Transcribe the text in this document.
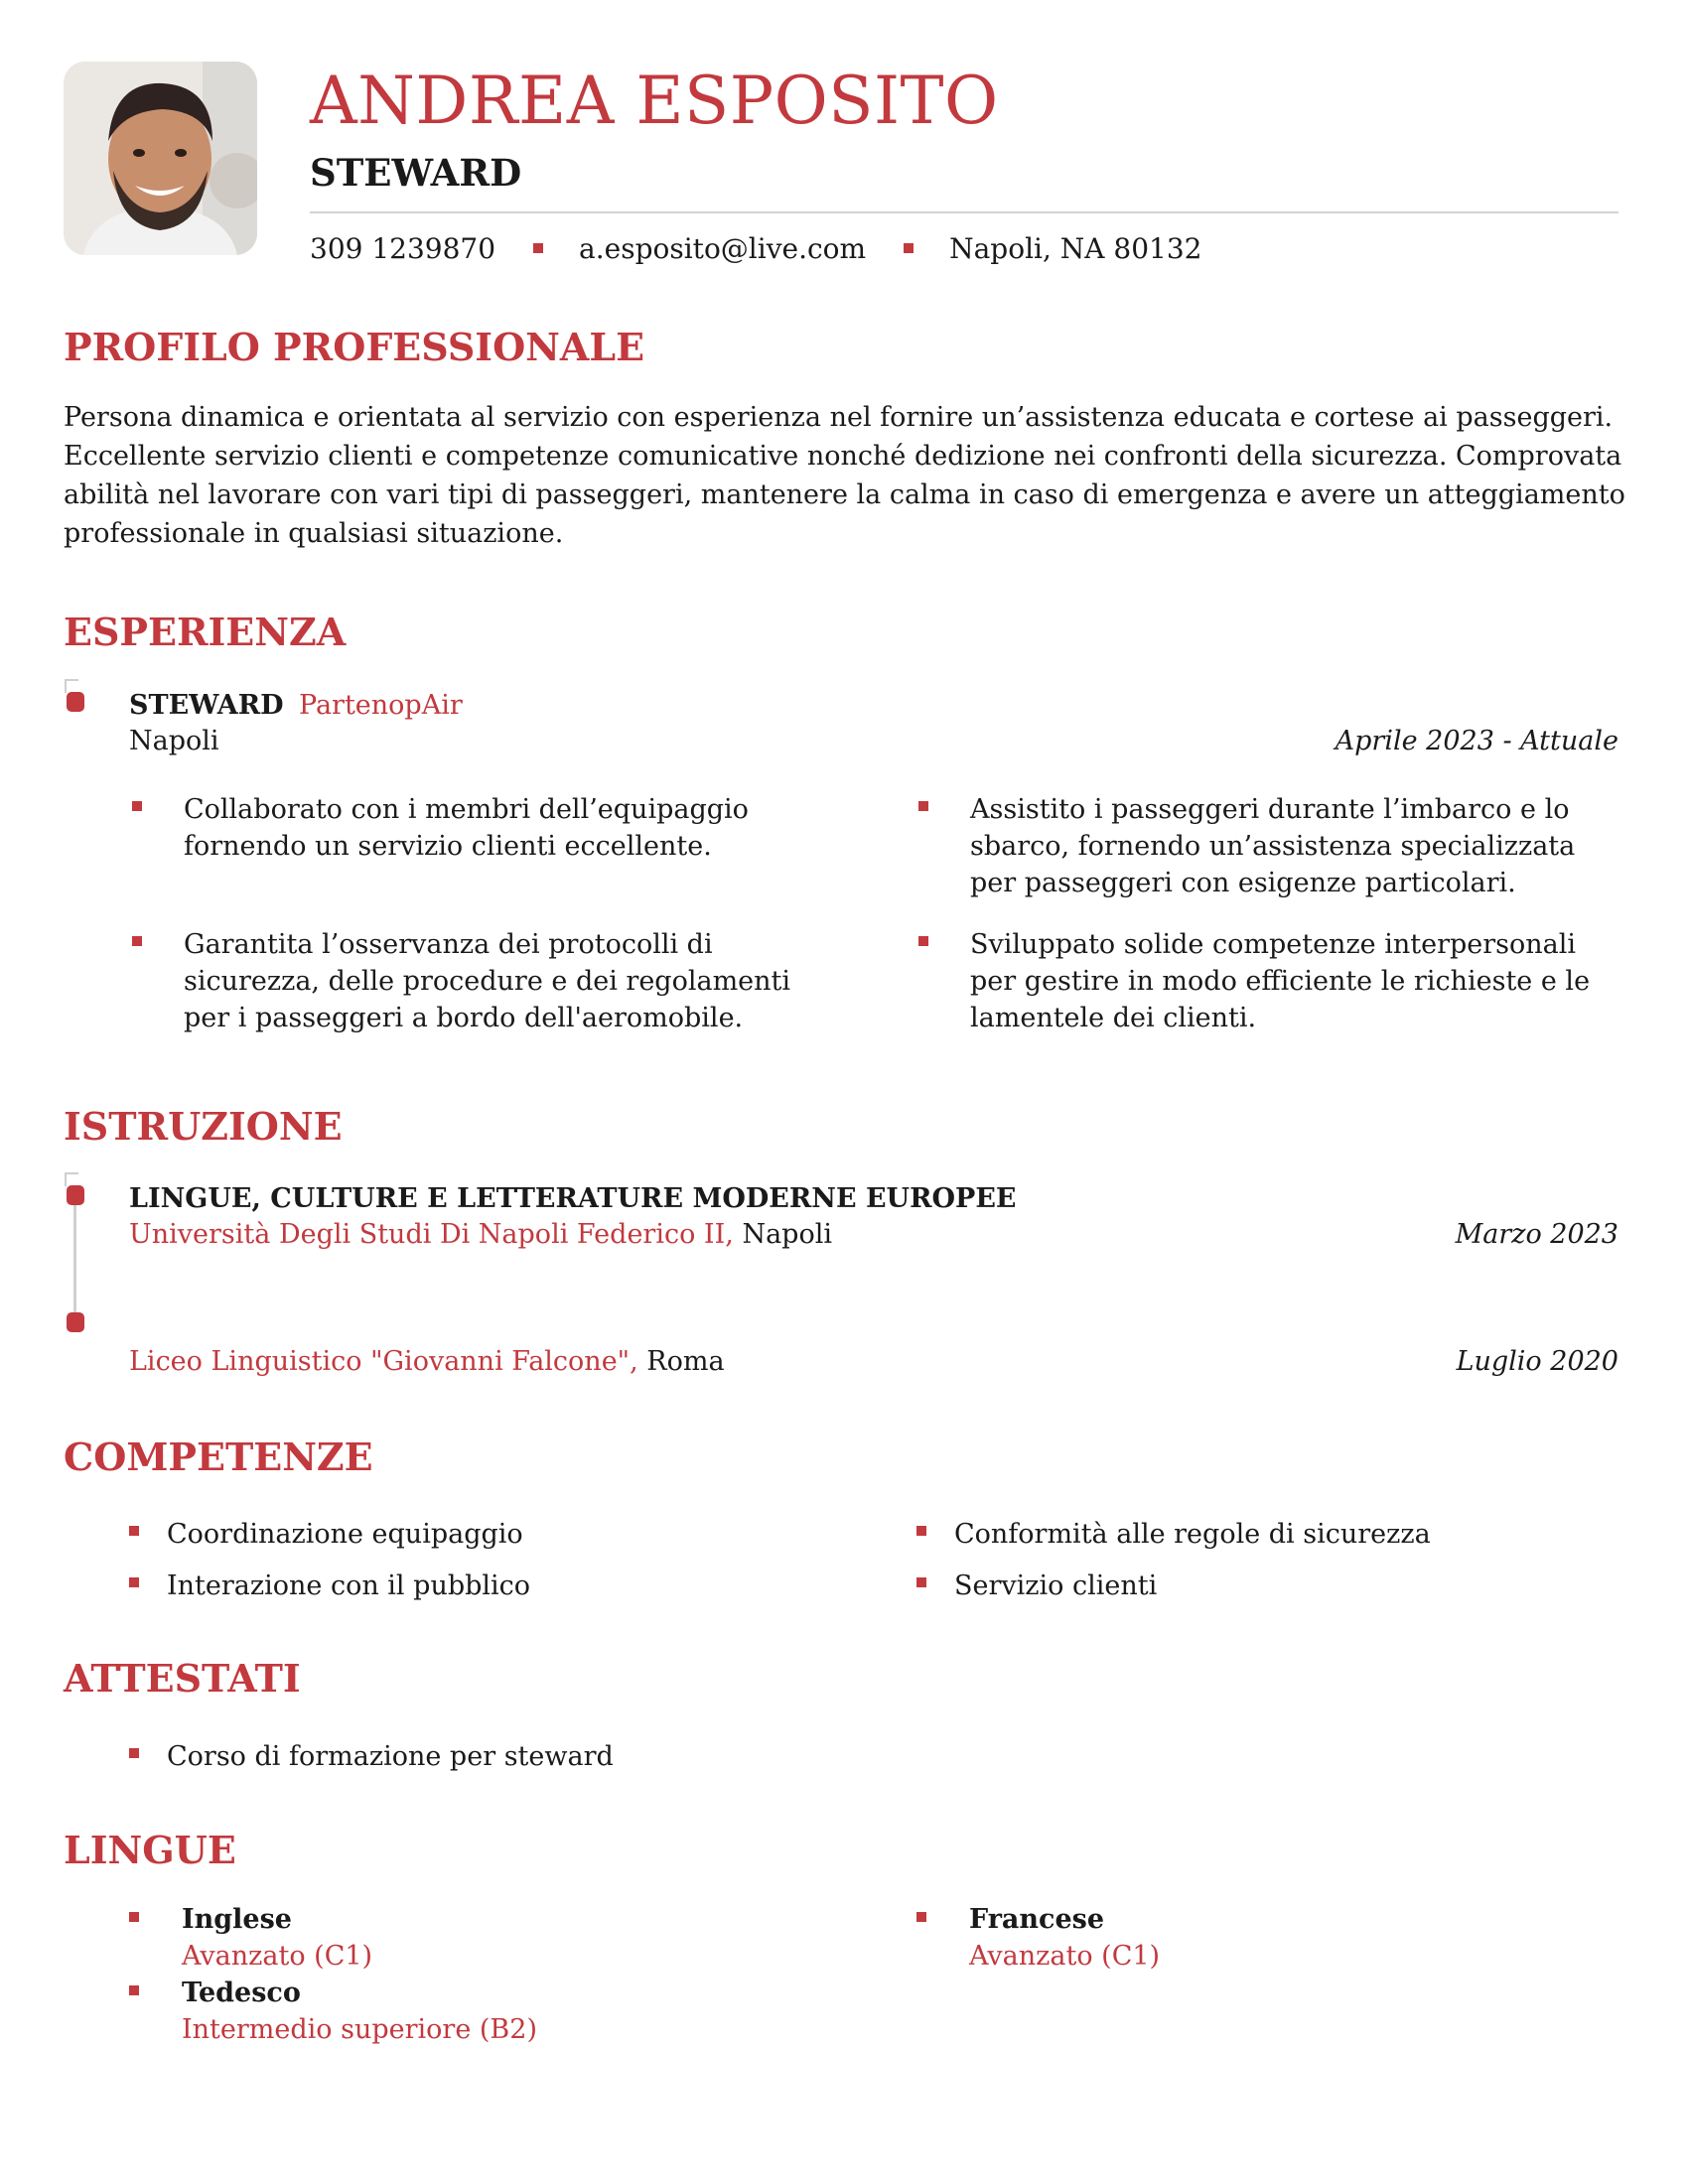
ANDREA ESPOSITO
STEWARD
309 1239870	a.esposito@live.com	Napoli, NA 80132
PROFILO PROFESSIONALE
Persona dinamica e orientata al servizio con esperienza nel fornire un’assistenza educata e cortese ai passeggeri. Eccellente servizio clienti e competenze comunicative nonché dedizione nei confronti della sicurezza. Comprovata abilità nel lavorare con vari tipi di passeggeri, mantenere la calma in caso di emergenza e avere un atteggiamento professionale in qualsiasi situazione.
ESPERIENZA
STEWARD PartenopAir
Napoli	Aprile 2023 - Attuale
Collaborato con i membri dell’equipaggio fornendo un servizio clienti eccellente.
Assistito i passeggeri durante l’imbarco e lo sbarco, fornendo un’assistenza specializzata per passeggeri con esigenze particolari.
Garantita l’osservanza dei protocolli di sicurezza, delle procedure e dei regolamenti per i passeggeri a bordo dell'aeromobile.
Sviluppato solide competenze interpersonali per gestire in modo efficiente le richieste e le lamentele dei clienti.
ISTRUZIONE
LINGUE, CULTURE E LETTERATURE MODERNE EUROPEE
Università Degli Studi Di Napoli Federico II, Napoli	Marzo 2023
Liceo Linguistico "Giovanni Falcone", Roma	Luglio 2020
COMPETENZE
Coordinazione equipaggio	Conformità alle regole di sicurezza
Interazione con il pubblico	Servizio clienti
ATTESTATI
Corso di formazione per steward
LINGUE
Inglese
Avanzato (C1)
Francese
Avanzato (C1)
Tedesco
Intermedio superiore (B2)
